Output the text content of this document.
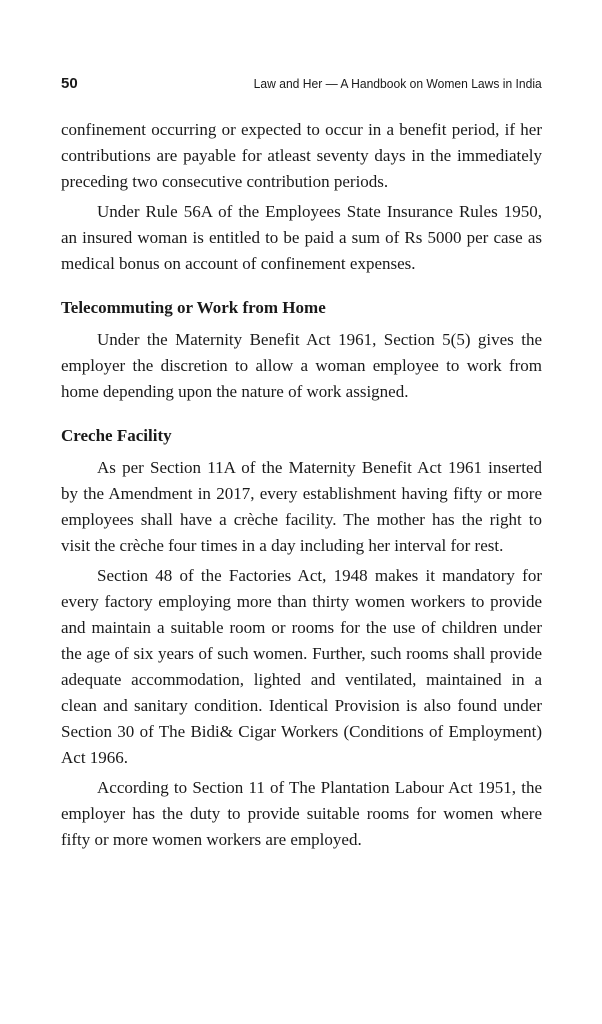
50	Law and Her — A Handbook on Women Laws in India

confinement occurring or expected to occur in a benefit period, if her contributions are payable for atleast seventy days in the immediately preceding two consecutive contribution periods.

Under Rule 56A of the Employees State Insurance Rules 1950, an insured woman is entitled to be paid a sum of Rs 5000 per case as medical bonus on account of confinement expenses.

Telecommuting or Work from Home

Under the Maternity Benefit Act 1961, Section 5(5) gives the employer the discretion to allow a woman employee to work from home depending upon the nature of work assigned.

Creche Facility

As per Section 11A of the Maternity Benefit Act 1961 inserted by the Amendment in 2017, every establishment having fifty or more employees shall have a crèche facility. The mother has the right to visit the crèche four times in a day including her interval for rest.

Section 48 of the Factories Act, 1948 makes it mandatory for every factory employing more than thirty women workers to provide and maintain a suitable room or rooms for the use of children under the age of six years of such women. Further, such rooms shall provide adequate accommodation, lighted and ventilated, maintained in a clean and sanitary condition. Identical Provision is also found under Section 30 of The Bidi& Cigar Workers (Conditions of Employment) Act 1966.

According to Section 11 of The Plantation Labour Act 1951, the employer has the duty to provide suitable rooms for women where fifty or more women workers are employed.
